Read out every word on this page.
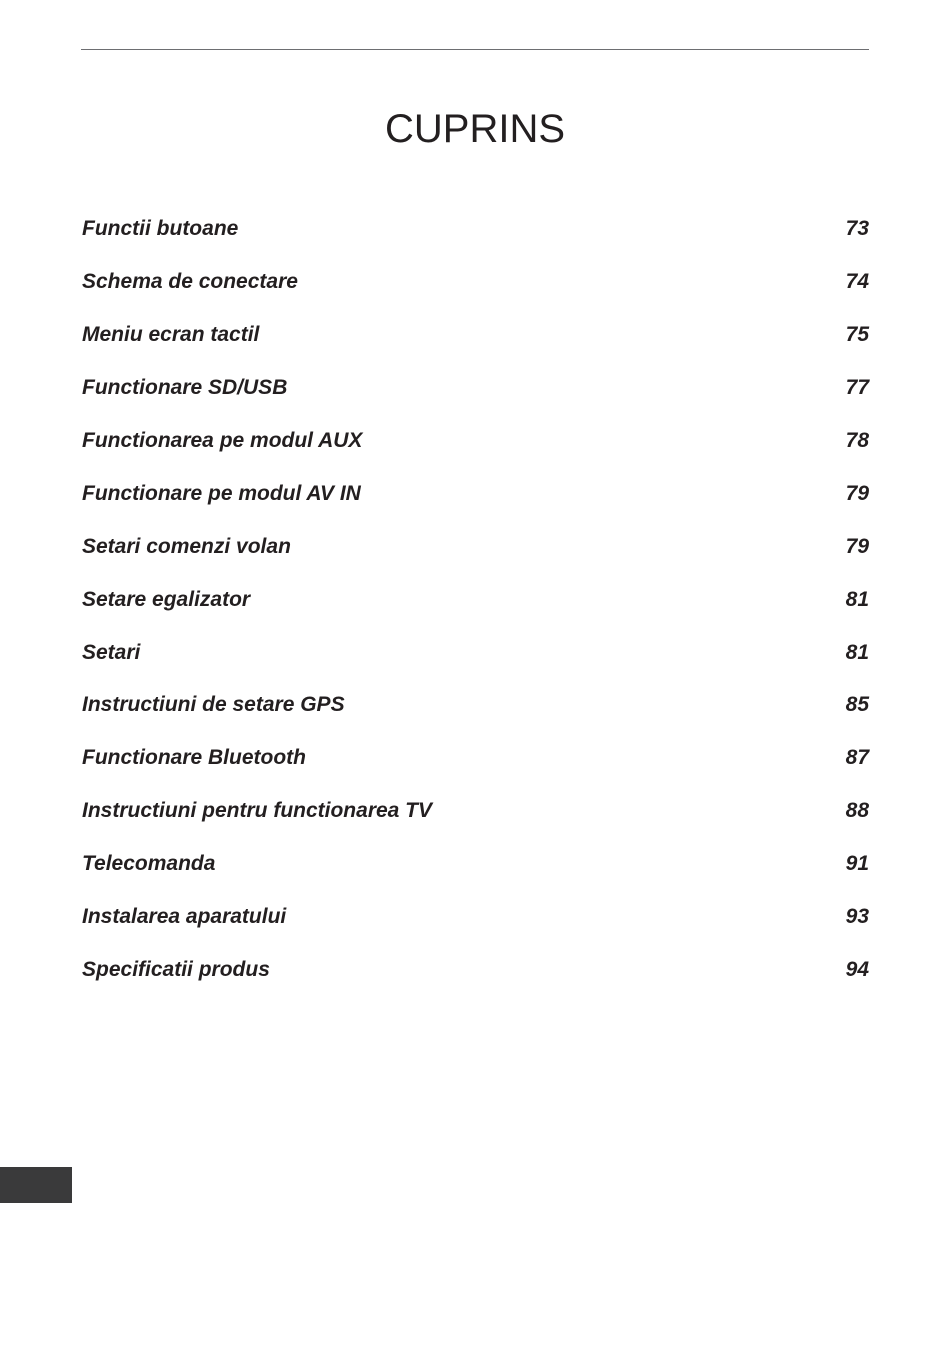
CUPRINS
Functii butoane	73
Schema de conectare	74
Meniu ecran tactil	75
Functionare SD/USB	77
Functionarea pe modul AUX	78
Functionare pe modul AV IN	79
Setari comenzi volan	79
Setare egalizator	81
Setari	81
Instructiuni de setare GPS	85
Functionare Bluetooth	87
Instructiuni pentru functionarea TV	88
Telecomanda	91
Instalarea aparatului	93
Specificatii produs	94
